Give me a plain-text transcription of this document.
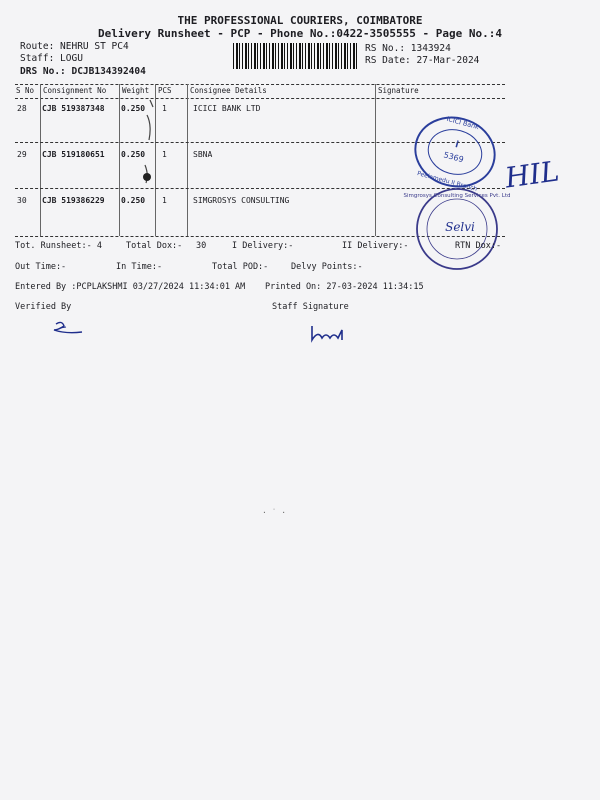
THE PROFESSIONAL COURIERS, COIMBATORE
Delivery Runsheet - PCP - Phone No.:0422-3505555 - Page No.:4
Route: NEHRU ST PC4
Staff: LOGU
DRS No.: DCJB134392404
RS No.: 1343924
RS Date: 27-Mar-2024
S No Consignment No Weight PCS Consignee Details	Signature
28 CJB 519387348 0.250 1	ICICI BANK LTD
29 CJB 519180651 0.250 1	SBNA
30 CJB 519386229 0.250 1	SIMGROSYS CONSULTING
i
5369
ICICI Bank
Peelamedu II Branch
Simgrosys Consulting Services Pvt. Ltd
Selvi
HIL
Tot. Runsheet:- 4	Total Dox:- 30	I Delivery:-	II Delivery:-	RTN Dox:-
Out Time:-	In Time:-	Total POD:-	Delvy Points:-
Entered By :PCPLAKSHMI 03/27/2024 11:34:01 AM Printed On: 27-03-2024 11:34:15
Verified By	Staff Signature
· ˙ ·
